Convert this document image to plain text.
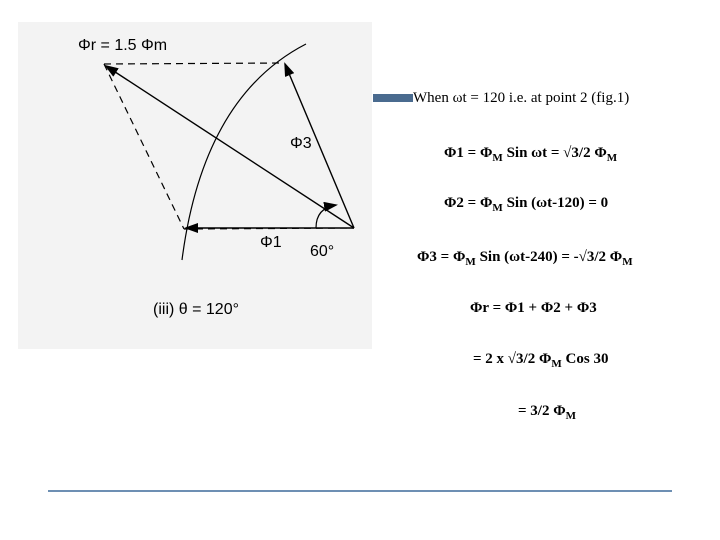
Φr = 1.5 Φm
Φ3
Φ1
60°
(iii) θ = 120°
When ωt = 120 i.e. at point 2 (fig.1)
$\Phi 1 = \Phi_M$ Sin ωt = √3/2 $\Phi_M$
$\Phi 2 = \Phi_M$ Sin (ωt-120) = 0
$\Phi 3 = \Phi_M$ Sin (ωt-240) = -√3/2 $\Phi_M$
Φr = Φ1 + Φ2 + Φ3
= 2 x √3/2 $\Phi_M$ Cos 30
= 3/2 $\Phi_M$
